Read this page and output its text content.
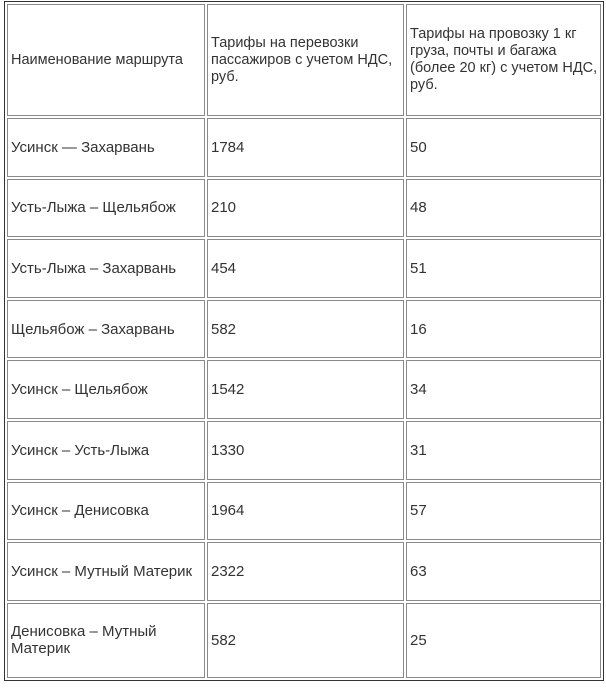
Наименование маршрута	Тарифы на перевозки пассажиров с учетом НДС, руб.	Тарифы на провозку 1 кг груза, почты и багажа (более 20 кг) с учетом НДС, руб.
Усинск — Захарвань	1784	50
Усть-Лыжа – Щельябож	210	48
Усть-Лыжа – Захарвань	454	51
Щельябож – Захарвань	582	16
Усинск – Щельябож	1542	34
Усинск – Усть-Лыжа	1330	31
Усинск – Денисовка	1964	57
Усинск – Мутный Материк	2322	63
Денисовка – Мутный Материк	582	25
